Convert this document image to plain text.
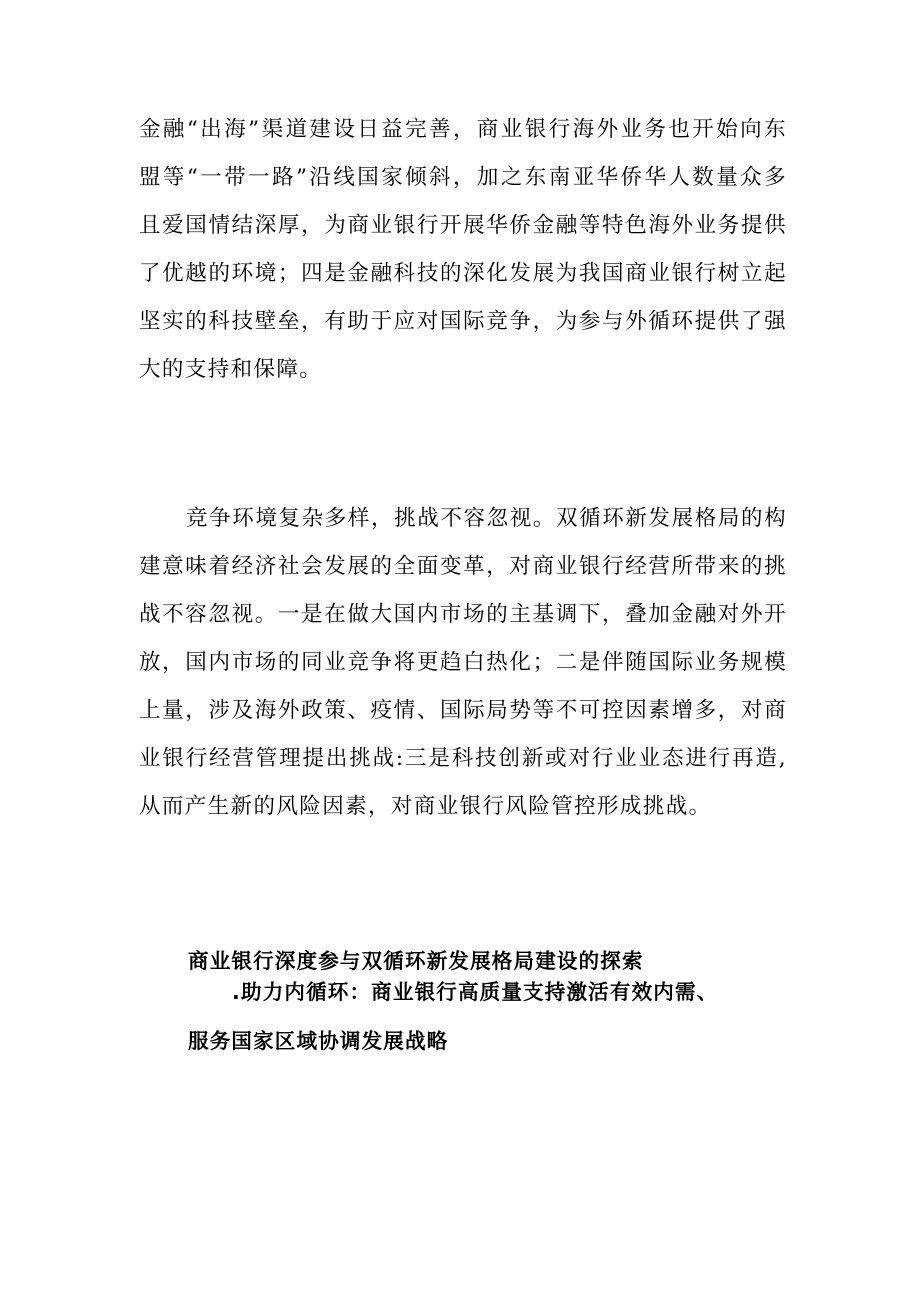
金融“出海”渠道建设日益完善，商业银行海外业务也开始向东
盟等“一带一路”沿线国家倾斜，加之东南亚华侨华人数量众多
且爱国情结深厚，为商业银行开展华侨金融等特色海外业务提供
了优越的环境；四是金融科技的深化发展为我国商业银行树立起
坚实的科技壁垒，有助于应对国际竞争，为参与外循环提供了强
大的支持和保障。
竞争环境复杂多样，挑战不容忽视。双循环新发展格局的构
建意味着经济社会发展的全面变革，对商业银行经营所带来的挑
战不容忽视。一是在做大国内市场的主基调下，叠加金融对外开
放，国内市场的同业竞争将更趋白热化；二是伴随国际业务规模
上量，涉及海外政策、疫情、国际局势等不可控因素增多，对商
业银行经营管理提出挑战:三是科技创新或对行业业态进行再造,
从而产生新的风险因素，对商业银行风险管控形成挑战。
商业银行深度参与双循环新发展格局建设的探索
.助力内循环：商业银行高质量支持激活有效内需、
服务国家区域协调发展战略
